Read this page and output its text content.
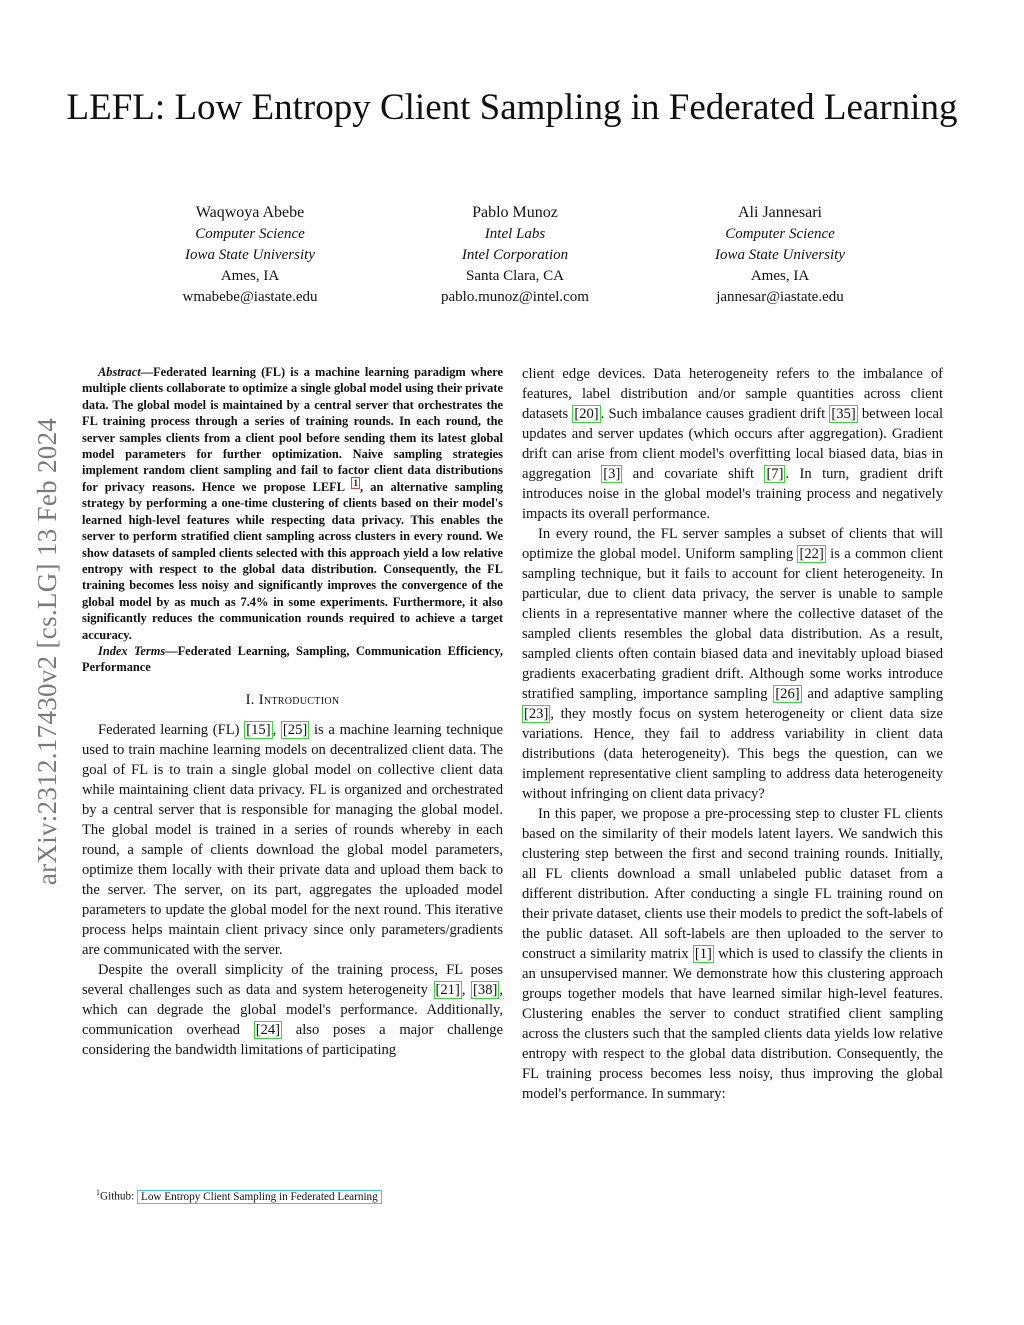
arXiv:2312.17430v2 [cs.LG] 13 Feb 2024
LEFL: Low Entropy Client Sampling in Federated Learning
Waqwoya Abebe
Computer Science
Iowa State University
Ames, IA
wmabebe@iastate.edu
Pablo Munoz
Intel Labs
Intel Corporation
Santa Clara, CA
pablo.munoz@intel.com
Ali Jannesari
Computer Science
Iowa State University
Ames, IA
jannesar@iastate.edu

Abstract—Federated learning (FL) is a machine learning paradigm where multiple clients collaborate to optimize a single global model using their private data. The global model is maintained by a central server that orchestrates the FL training process through a series of training rounds. In each round, the server samples clients from a client pool before sending them its latest global model parameters for further optimization. Naive sampling strategies implement random client sampling and fail to factor client data distributions for privacy reasons. Hence we propose LEFL $^1$ , an alternative sampling strategy by performing a one-time clustering of clients based on their model's learned high-level features while respecting data privacy. This enables the server to perform stratified client sampling across clusters in every round. We show datasets of sampled clients selected with this approach yield a low relative entropy with respect to the global data distribution. Consequently, the FL training becomes less noisy and significantly improves the convergence of the global model by as much as 7.4% in some experiments. Furthermore, it also significantly reduces the communication rounds required to achieve a target accuracy.

Index Terms—Federated Learning, Sampling, Communication Efficiency, Performance

I. Introduction

Federated learning (FL) [15] , [25] is a machine learning technique used to train machine learning models on decentralized client data. The goal of FL is to train a single global model on collective client data while maintaining client data privacy. FL is organized and orchestrated by a central server that is responsible for managing the global model. The global model is trained in a series of rounds whereby in each round, a sample of clients download the global model parameters, optimize them locally with their private data and upload them back to the server. The server, on its part, aggregates the uploaded model parameters to update the global model for the next round. This iterative process helps maintain client privacy since only parameters/gradients are communicated with the server.

Despite the overall simplicity of the training process, FL poses several challenges such as data and system heterogeneity [21] , [38] , which can degrade the global model's performance. Additionally, communication overhead [24] also poses a major challenge considering the bandwidth limitations of participating

client edge devices. Data heterogeneity refers to the imbalance of features, label distribution and/or sample quantities across client datasets [20] . Such imbalance causes gradient drift [35] between local updates and server updates (which occurs after aggregation). Gradient drift can arise from client model's overfitting local biased data, bias in aggregation [3] and covariate shift [7] . In turn, gradient drift introduces noise in the global model's training process and negatively impacts its overall performance.

In every round, the FL server samples a subset of clients that will optimize the global model. Uniform sampling [22] is a common client sampling technique, but it fails to account for client heterogeneity. In particular, due to client data privacy, the server is unable to sample clients in a representative manner where the collective dataset of the sampled clients resembles the global data distribution. As a result, sampled clients often contain biased data and inevitably upload biased gradients exacerbating gradient drift. Although some works introduce stratified sampling, importance sampling [26] and adaptive sampling [23] , they mostly focus on system heterogeneity or client data size variations. Hence, they fail to address variability in client data distributions (data heterogeneity). This begs the question, can we implement representative client sampling to address data heterogeneity without infringing on client data privacy?

In this paper, we propose a pre-processing step to cluster FL clients based on the similarity of their models latent layers. We sandwich this clustering step between the first and second training rounds. Initially, all FL clients download a small unlabeled public dataset from a different distribution. After conducting a single FL training round on their private dataset, clients use their models to predict the soft-labels of the public dataset. All soft-labels are then uploaded to the server to construct a similarity matrix [1] which is used to classify the clients in an unsupervised manner. We demonstrate how this clustering approach groups together models that have learned similar high-level features. Clustering enables the server to conduct stratified client sampling across the clusters such that the sampled clients data yields low relative entropy with respect to the global data distribution. Consequently, the FL training process becomes less noisy, thus improving the global model's performance. In summary:

$^1$Github: Low Entropy Client Sampling in Federated Learning
